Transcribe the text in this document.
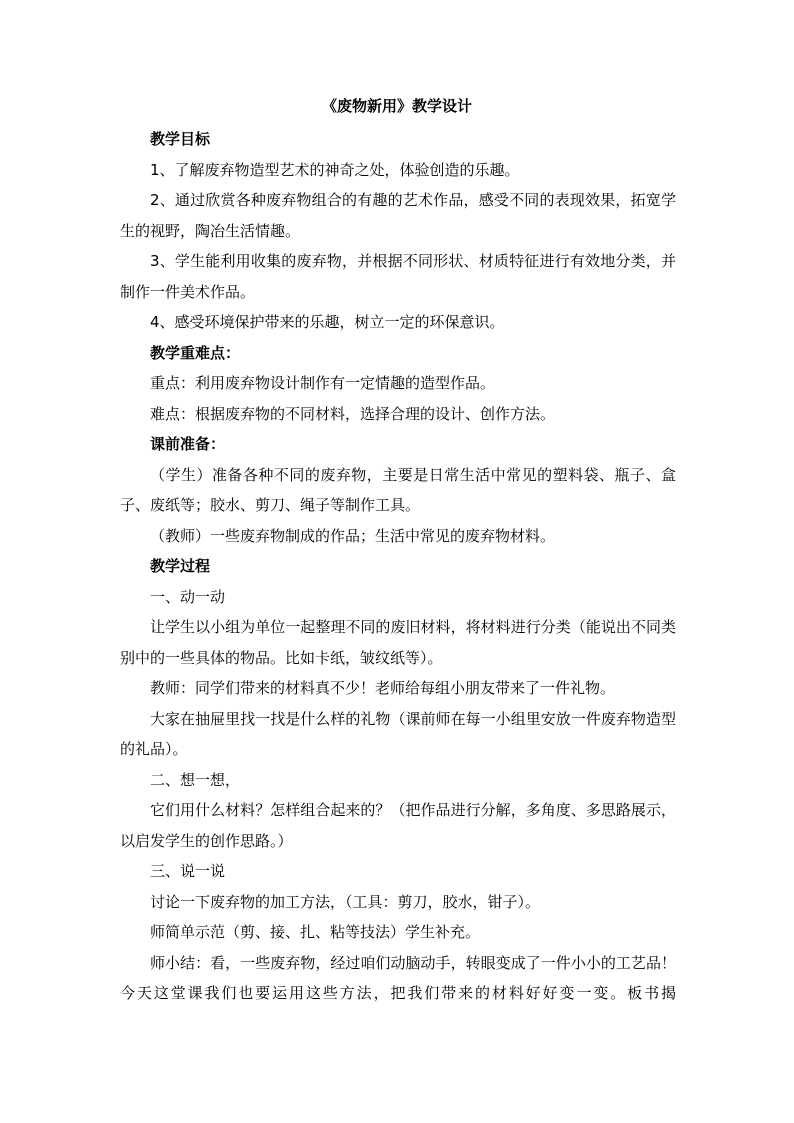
《废物新用》教学设计

教学目标

1、了解废弃物造型艺术的神奇之处，体验创造的乐趣。

2、通过欣赏各种废弃物组合的有趣的艺术作品，感受不同的表现效果，拓宽学生的视野，陶冶生活情趣。

3、学生能利用收集的废弃物，并根据不同形状、材质特征进行有效地分类，并制作一件美术作品。

4、感受环境保护带来的乐趣，树立一定的环保意识。

教学重难点：

重点：利用废弃物设计制作有一定情趣的造型作品。

难点：根据废弃物的不同材料，选择合理的设计、创作方法。

课前准备：

（学生）准备各种不同的废弃物，主要是日常生活中常见的塑料袋、瓶子、盒子、废纸等；胶水、剪刀、绳子等制作工具。

（教师）一些废弃物制成的作品；生活中常见的废弃物材料。

教学过程

一、动一动

让学生以小组为单位一起整理不同的废旧材料，将材料进行分类（能说出不同类别中的一些具体的物品。比如卡纸，皱纹纸等）。

教师：同学们带来的材料真不少！老师给每组小朋友带来了一件礼物。

大家在抽屉里找一找是什么样的礼物（课前师在每一小组里安放一件废弃物造型的礼品）。

二、想一想，

它们用什么材料？怎样组合起来的？（把作品进行分解，多角度、多思路展示，以启发学生的创作思路。）

三、说一说

讨论一下废弃物的加工方法，（工具：剪刀，胶水，钳子）。

师简单示范（剪、接、扎、粘等技法）学生补充。

师小结：看，一些废弃物，经过咱们动脑动手，转眼变成了一件小小的工艺品！今天这堂课我们也要运用这些方法，把我们带来的材料好好变一变。板书揭
